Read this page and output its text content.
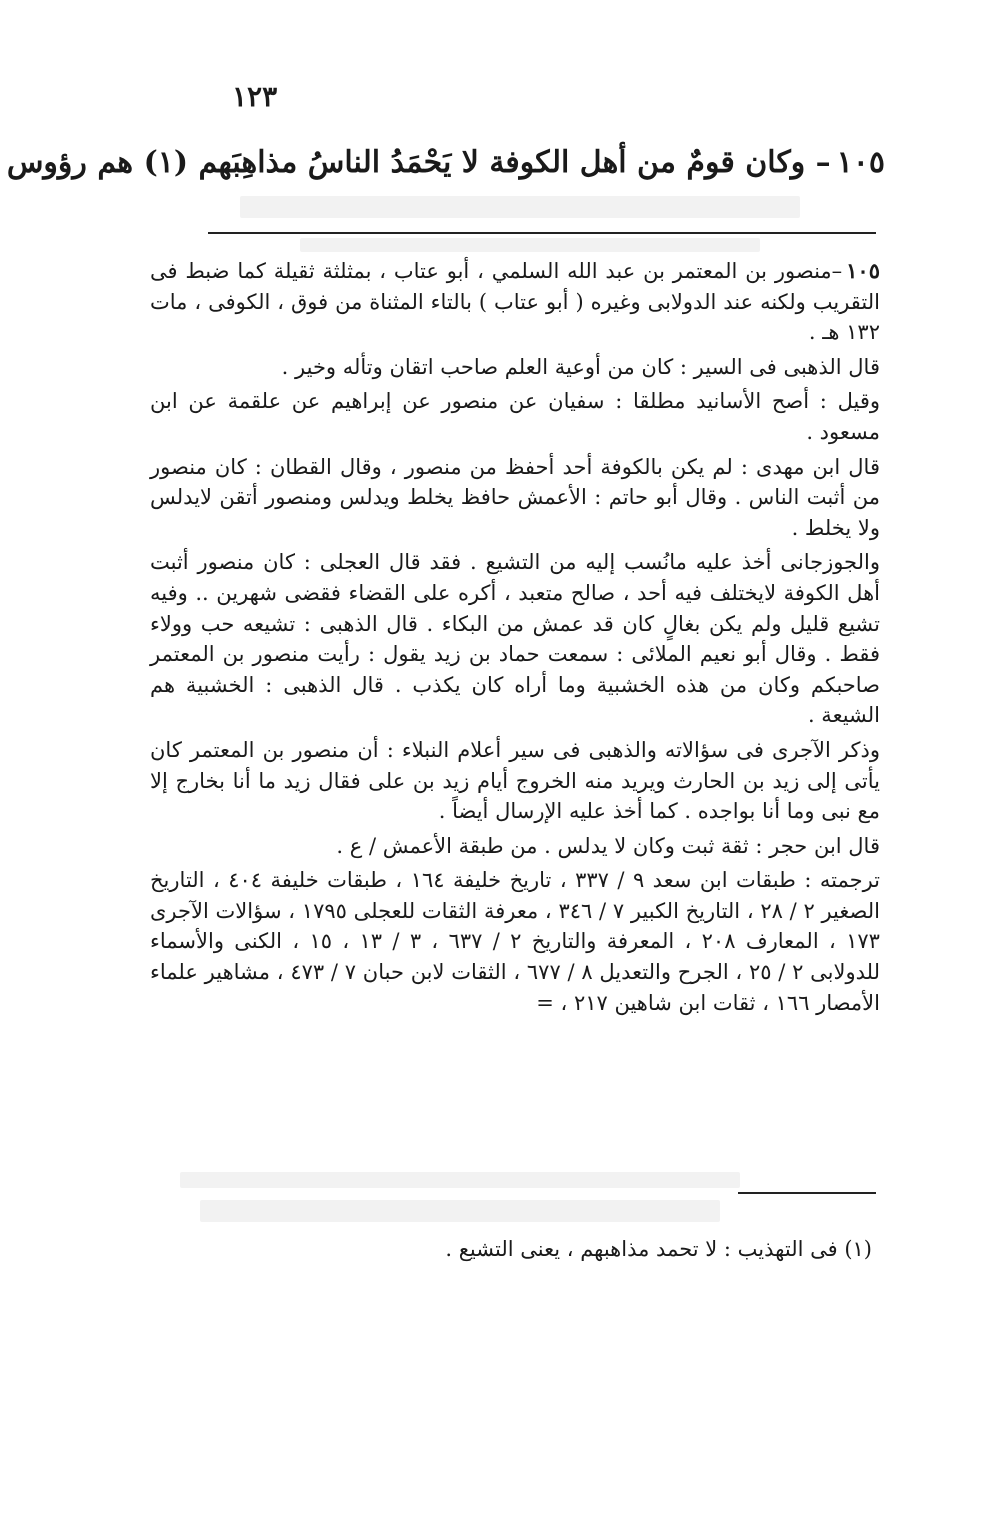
١٢٣
١٠٥– وكان قومٌ من أهل الكوفة لا يَحْمَدُ الناسُ مذاهِبَهم (١) هم رؤوس

١٠٥–منصور بن المعتمر بن عبد الله السلمي ، أبو عتاب ، بمثلثة ثقيلة كما ضبط فى التقريب ولكنه عند الدولابى وغيره ( أبو عتاب ) بالتاء المثناة من فوق ، الكوفى ، مات ١٣٢ هـ .

قال الذهبى فى السير : كان من أوعية العلم صاحب اتقان وتأله وخير .

وقيل : أصح الأسانيد مطلقا : سفيان عن منصور عن إبراهيم عن علقمة عن ابن مسعود .

قال ابن مهدى : لم يكن بالكوفة أحد أحفظ من منصور ، وقال القطان : كان منصور من أثبت الناس . وقال أبو حاتم : الأعمش حافظ يخلط ويدلس ومنصور أتقن لايدلس ولا يخلط .

والجوزجانى أخذ عليه مانُسب إليه من التشيع . فقد قال العجلى : كان منصور أثبت أهل الكوفة لايختلف فيه أحد ، صالح متعبد ، أكره على القضاء فقضى شهرين .. وفيه تشيع قليل ولم يكن بغالٍ كان قد عمش من البكاء . قال الذهبى : تشيعه حب وولاء فقط . وقال أبو نعيم الملائى : سمعت حماد بن زيد يقول : رأيت منصور بن المعتمر صاحبكم وكان من هذه الخشبية وما أراه كان يكذب . قال الذهبى : الخشبية هم الشيعة .

وذكر الآجرى فى سؤالاته والذهبى فى سير أعلام النبلاء : أن منصور بن المعتمر كان يأتى إلى زيد بن الحارث ويريد منه الخروج أيام زيد بن على فقال زيد ما أنا بخارج إلا مع نبى وما أنا بواجده . كما أخذ عليه الإرسال أيضاً .

قال ابن حجر : ثقة ثبت وكان لا يدلس . من طبقة الأعمش / ع .

ترجمته : طبقات ابن سعد ٩ / ٣٣٧ ، تاريخ خليفة ١٦٤ ، طبقات خليفة ٤٠٤ ، التاريخ الصغير ٢ / ٢٨ ، التاريخ الكبير ٧ / ٣٤٦ ، معرفة الثقات للعجلى ١٧٩٥ ، سؤالات الآجرى ١٧٣ ، المعارف ٢٠٨ ، المعرفة والتاريخ ٢ / ٦٣٧ ، ٣ / ١٣ ، ١٥ ، الكنى والأسماء للدولابى ٢ / ٢٥ ، الجرح والتعديل ٨ / ٦٧٧ ، الثقات لابن حبان ٧ / ٤٧٣ ، مشاهير علماء الأمصار ١٦٦ ، ثقات ابن شاهين ٢١٧ ، =

(١) فى التهذيب : لا تحمد مذاهبهم ، يعنى التشيع .
